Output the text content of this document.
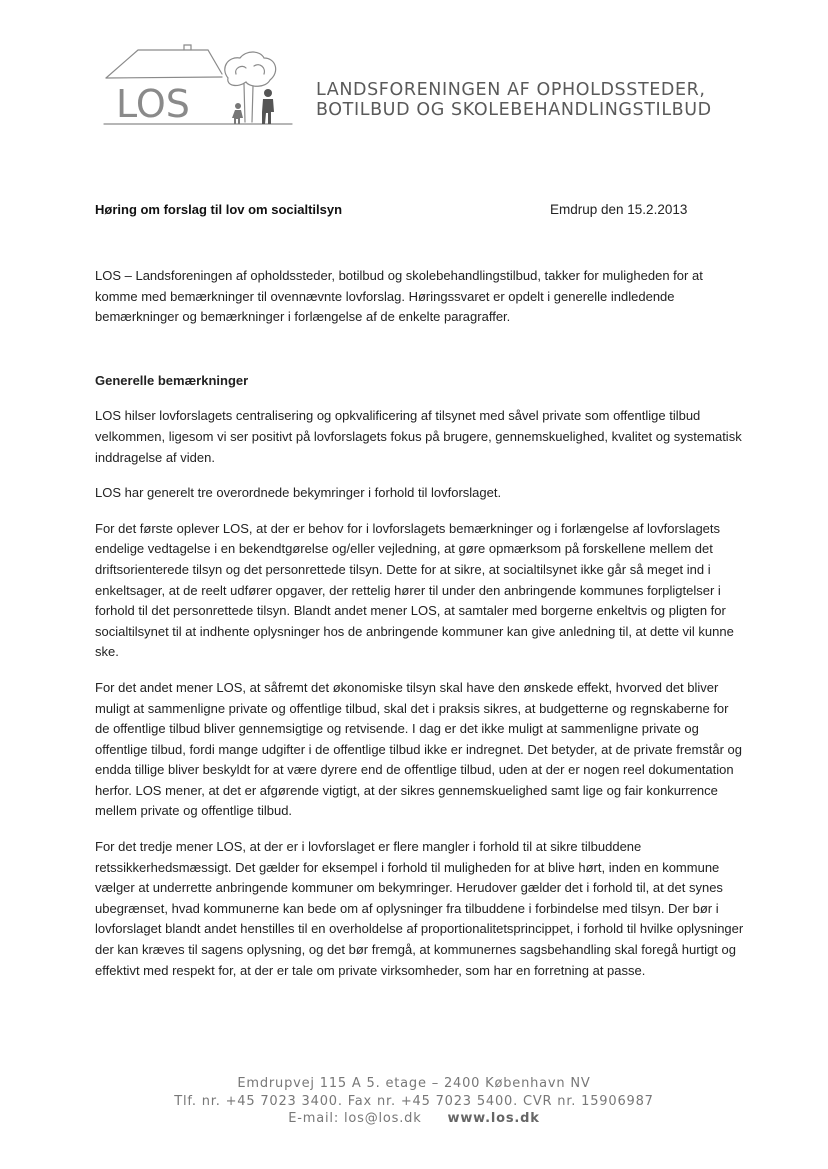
LOS	LANDSFORENINGEN AF OPHOLDSSTEDER,
BOTILBUD OG SKOLEBEHANDLINGSTILBUD
Høring om forslag til lov om socialtilsyn	Emdrup den 15.2.2013

LOS – Landsforeningen af opholdssteder, botilbud og skolebehandlingstilbud, takker for muligheden for at komme med bemærkninger til ovennævnte lovforslag. Høringssvaret er opdelt i generelle indledende bemærkninger og bemærkninger i forlængelse af de enkelte paragraffer.

Generelle bemærkninger

LOS hilser lovforslagets centralisering og opkvalificering af tilsynet med såvel private som offentlige tilbud velkommen, ligesom vi ser positivt på lovforslagets fokus på brugere, gennemskuelighed, kvalitet og systematisk inddragelse af viden.

LOS har generelt tre overordnede bekymringer i forhold til lovforslaget.

For det første oplever LOS, at der er behov for i lovforslagets bemærkninger og i forlængelse af lovforslagets endelige vedtagelse i en bekendtgørelse og/eller vejledning, at gøre opmærksom på forskellene mellem det driftsorienterede tilsyn og det personrettede tilsyn. Dette for at sikre, at socialtilsynet ikke går så meget ind i enkeltsager, at de reelt udfører opgaver, der rettelig hører til under den anbringende kommunes forpligtelser i forhold til det personrettede tilsyn. Blandt andet mener LOS, at samtaler med borgerne enkeltvis og pligten for socialtilsynet til at indhente oplysninger hos de anbringende kommuner kan give anledning til, at dette vil kunne ske.

For det andet mener LOS, at såfremt det økonomiske tilsyn skal have den ønskede effekt, hvorved det bliver muligt at sammenligne private og offentlige tilbud, skal det i praksis sikres, at budgetterne og regnskaberne for de offentlige tilbud bliver gennemsigtige og retvisende. I dag er det ikke muligt at sammenligne private og offentlige tilbud, fordi mange udgifter i de offentlige tilbud ikke er indregnet. Det betyder, at de private fremstår og endda tillige bliver beskyldt for at være dyrere end de offentlige tilbud, uden at der er nogen reel dokumentation herfor. LOS mener, at det er afgørende vigtigt, at der sikres gennemskuelighed samt lige og fair konkurrence mellem private og offentlige tilbud.

For det tredje mener LOS, at der er i lovforslaget er flere mangler i forhold til at sikre tilbuddene retssikkerhedsmæssigt. Det gælder for eksempel i forhold til muligheden for at blive hørt, inden en kommune vælger at underrette anbringende kommuner om bekymringer. Herudover gælder det i forhold til, at det synes ubegrænset, hvad kommunerne kan bede om af oplysninger fra tilbuddene i forbindelse med tilsyn. Der bør i lovforslaget blandt andet henstilles til en overholdelse af proportionalitetsprincippet, i forhold til hvilke oplysninger der kan kræves til sagens oplysning, og det bør fremgå, at kommunernes sagsbehandling skal foregå hurtigt og effektivt med respekt for, at der er tale om private virksomheder, som har en forretning at passe.

Emdrupvej 115 A 5. etage – 2400 København NV
Tlf. nr. +45 7023 3400. Fax nr. +45 7023 5400. CVR nr. 15906987
E-mail: los@los.dk www.los.dk
